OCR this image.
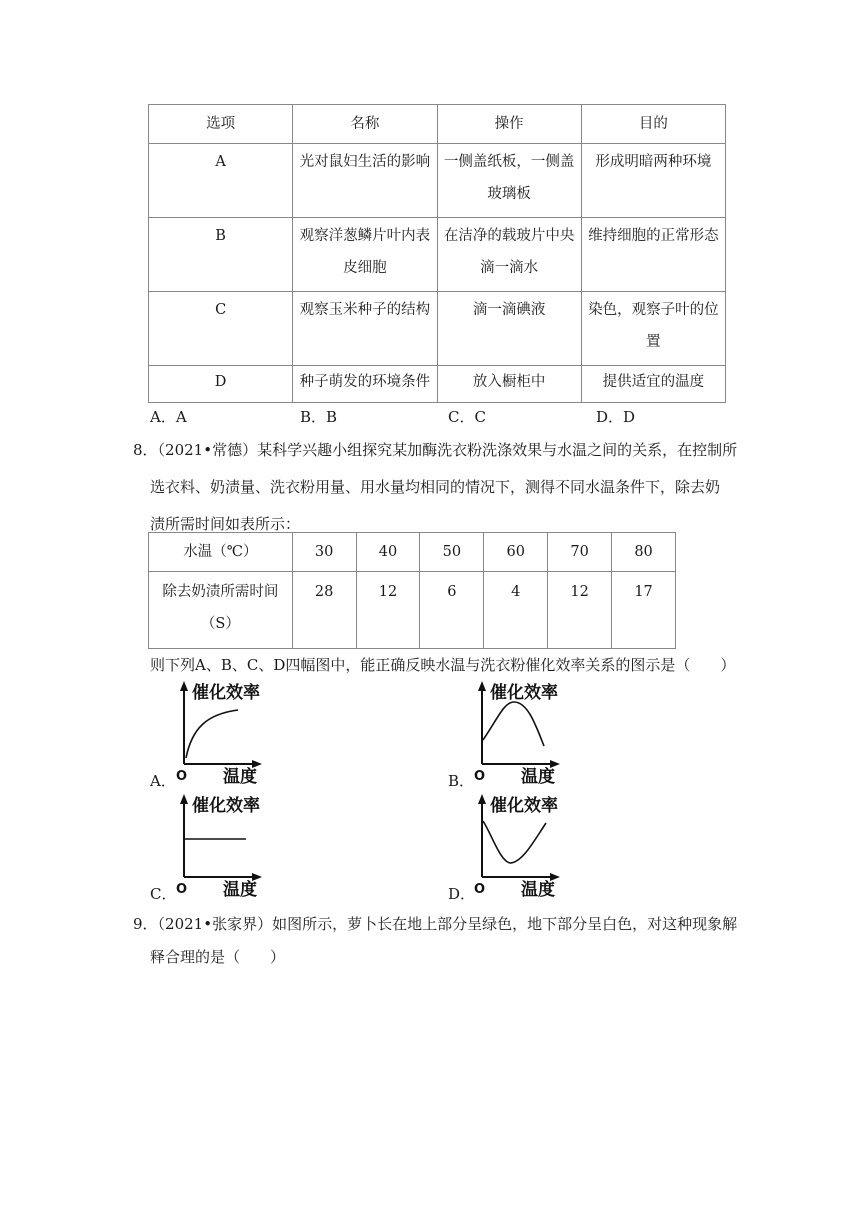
选项	名称	操作	目的
A	光对鼠妇生活的影响	一侧盖纸板，一侧盖玻璃板	形成明暗两种环境
B	观察洋葱鳞片叶内表皮细胞	在洁净的载玻片中央滴一滴水	维持细胞的正常形态
C	观察玉米种子的结构	滴一滴碘液	染色，观察子叶的位置
D	种子萌发的环境条件	放入橱柜中	提供适宜的温度
A．A	B．B	C．C	D．D
8．（2021•常德）某科学兴趣小组探究某加酶洗衣粉洗涤效果与水温之间的关系，在控制所
选衣料、奶渍量、洗衣粉用量、用水量均相同的情况下，测得不同水温条件下，除去奶
渍所需时间如表所示：
水温（℃）	30	40	50	60	70	80
除去奶渍所需时间（S）	28	12	6	4	12	17
则下列A、B、C、D四幅图中，能正确反映水温与洗衣粉催化效率关系的图示是（　　）
A．	B．
C．	D．
催化效率
温度
O
催化效率
温度
O
催化效率
温度
O
催化效率
温度
O
9．（2021•张家界）如图所示，萝卜长在地上部分呈绿色，地下部分呈白色，对这种现象解
释合理的是（　　）
